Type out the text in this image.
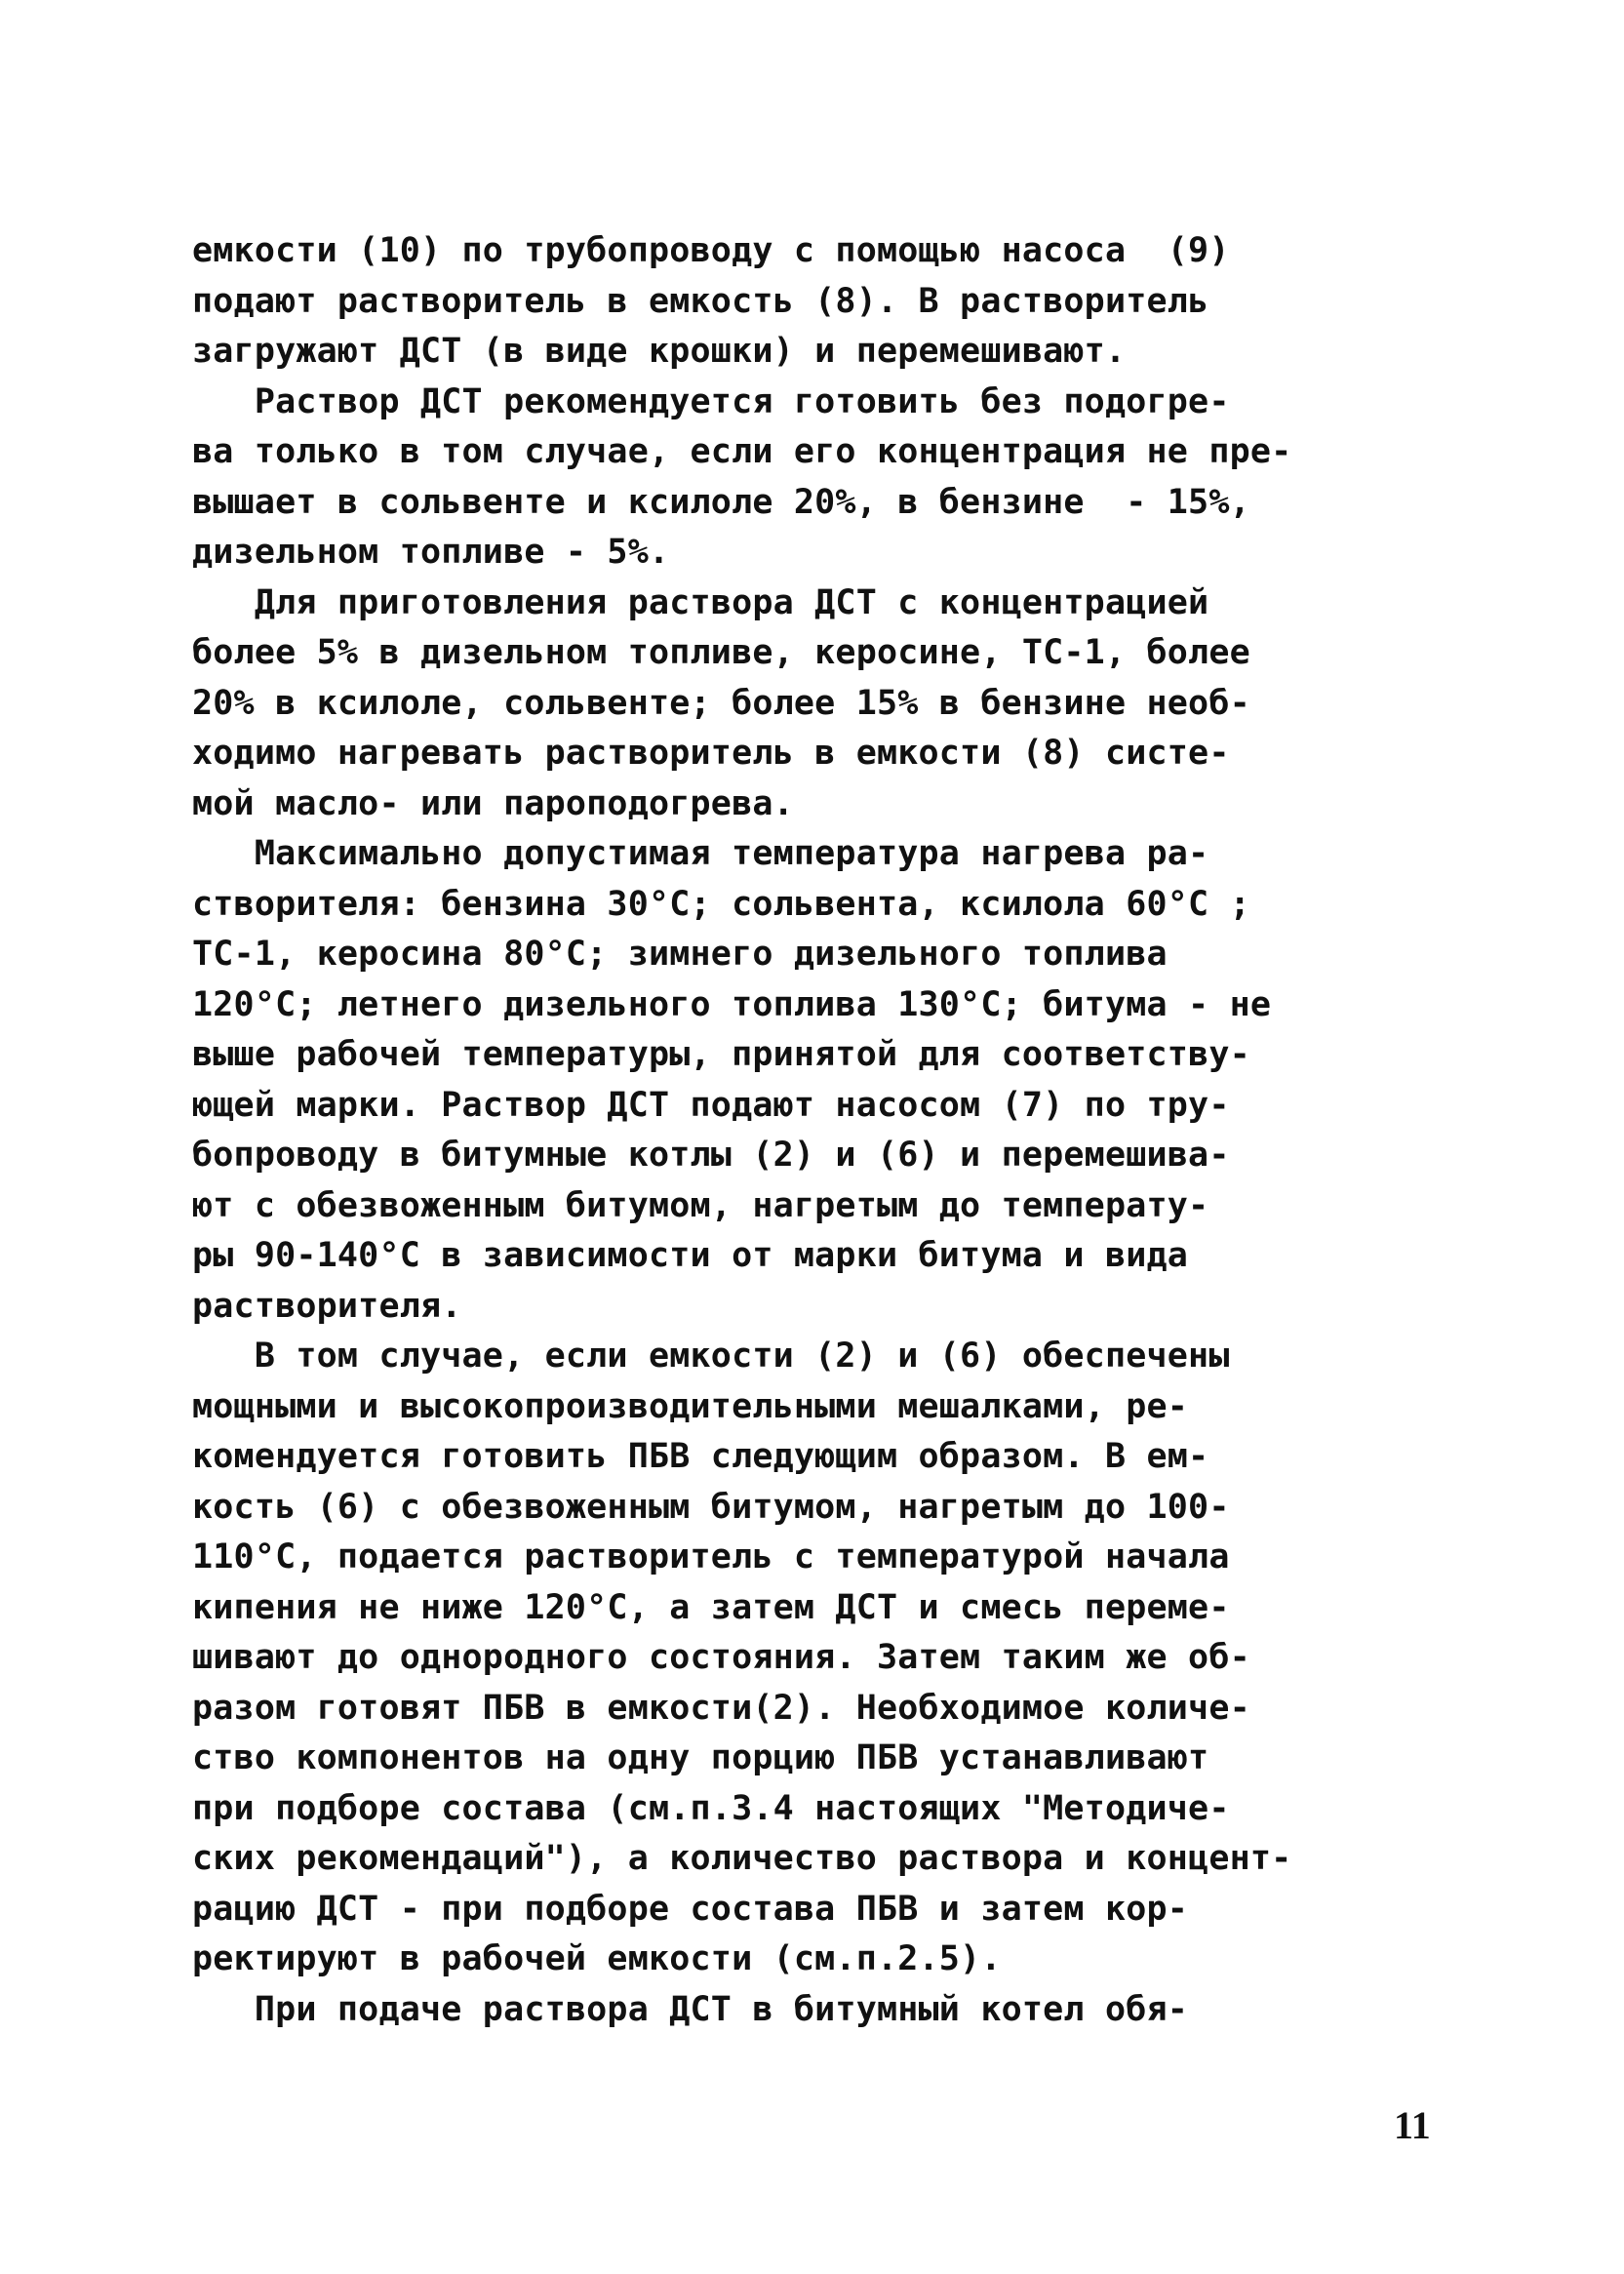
емкости (10) по трубопроводу с помощью насоса  (9)
подают растворитель в емкость (8). В растворитель
загружают ДСТ (в виде крошки) и перемешивают.
Раствор ДСТ рекомендуется готовить без подогре-
ва только в том случае, если его концентрация не пре-
вышает в сольвенте и ксилоле 20%, в бензине  - 15%,
дизельном топливе - 5%.
Для приготовления раствора ДСТ с концентрацией
более 5% в дизельном топливе, керосине, ТС-1, более
20% в ксилоле, сольвенте; более 15% в бензине необ-
ходимо нагревать растворитель в емкости (8) систе-
мой масло- или пароподогрева.
Максимально допустимая температура нагрева ра-
створителя: бензина 30°С; сольвента, ксилола 60°С ;
ТС-1, керосина 80°С; зимнего дизельного топлива
120°С; летнего дизельного топлива 130°С; битума - не
выше рабочей температуры, принятой для соответству-
ющей марки. Раствор ДСТ подают насосом (7) по тру-
бопроводу в битумные котлы (2) и (6) и перемешива-
ют с обезвоженным битумом, нагретым до температу-
ры 90-140°С в зависимости от марки битума и вида
растворителя.
В том случае, если емкости (2) и (6) обеспечены
мощными и высокопроизводительными мешалками, ре-
комендуется готовить ПБВ следующим образом. В ем-
кость (6) с обезвоженным битумом, нагретым до 100-
110°С, подается растворитель с температурой начала
кипения не ниже 120°С, а затем ДСТ и смесь переме-
шивают до однородного состояния. Затем таким же об-
разом готовят ПБВ в емкости(2). Необходимое количе-
ство компонентов на одну порцию ПБВ устанавливают
при подборе состава (см.п.3.4 настоящих "Методиче-
ских рекомендаций"), а количество раствора и концент-
рацию ДСТ - при подборе состава ПБВ и затем кор-
ректируют в рабочей емкости (см.п.2.5).
При подаче раствора ДСТ в битумный котел обя-
11
